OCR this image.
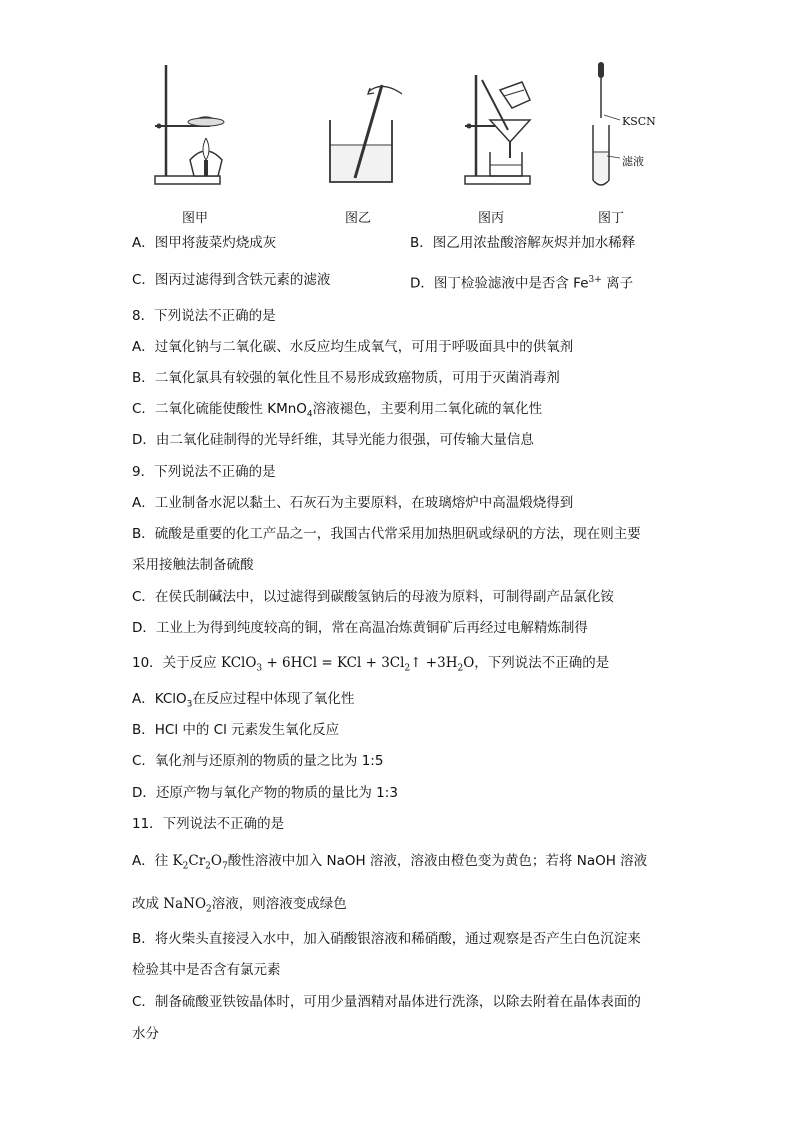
图甲	图乙	图丙
KSCN
滤液
图丁
A．图甲将菠菜灼烧成灰	B．图乙用浓盐酸溶解灰烬并加水稀释
C．图丙过滤得到含铁元素的滤液	D．图丁检验滤液中是否含 $Fe^{3+}$ 离子
8．下列说法不正确的是
A．过氧化钠与二氧化碳、水反应均生成氧气，可用于呼吸面具中的供氧剂
B．二氧化氯具有较强的氧化性且不易形成致癌物质，可用于灭菌消毒剂
C．二氧化硫能使酸性 KMnO$_4$溶液褪色，主要利用二氧化硫的氧化性
D．由二氧化硅制得的光导纤维，其导光能力很强，可传输大量信息
9．下列说法不正确的是
A．工业制备水泥以黏土、石灰石为主要原料，在玻璃熔炉中高温煅烧得到
B．硫酸是重要的化工产品之一，我国古代常采用加热胆矾或绿矾的方法，现在则主要
采用接触法制备硫酸
C．在侯氏制碱法中，以过滤得到碳酸氢钠后的母液为原料，可制得副产品氯化铵
D．工业上为得到纯度较高的铜，常在高温冶炼黄铜矿后再经过电解精炼制得
10．关于反应 KClO$_3$ + 6HCl = KCl + $3Cl_2↑ +3H_2O$，下列说法不正确的是
A．KClO$_3$在反应过程中体现了氧化性
B．HCl 中的 Cl 元素发生氧化反应
C．氧化剂与还原剂的物质的量之比为 1:5
D．还原产物与氧化产物的物质的量比为 1:3
11．下列说法不正确的是
A．往 $K_2Cr_2O_7$酸性溶液中加入 NaOH 溶液，溶液由橙色变为黄色；若将 NaOH 溶液
改成 NaNO$_2$溶液，则溶液变成绿色
B．将火柴头直接浸入水中，加入硝酸银溶液和稀硝酸，通过观察是否产生白色沉淀来
检验其中是否含有氯元素
C．制备硫酸亚铁铵晶体时，可用少量酒精对晶体进行洗涤，以除去附着在晶体表面的
水分
